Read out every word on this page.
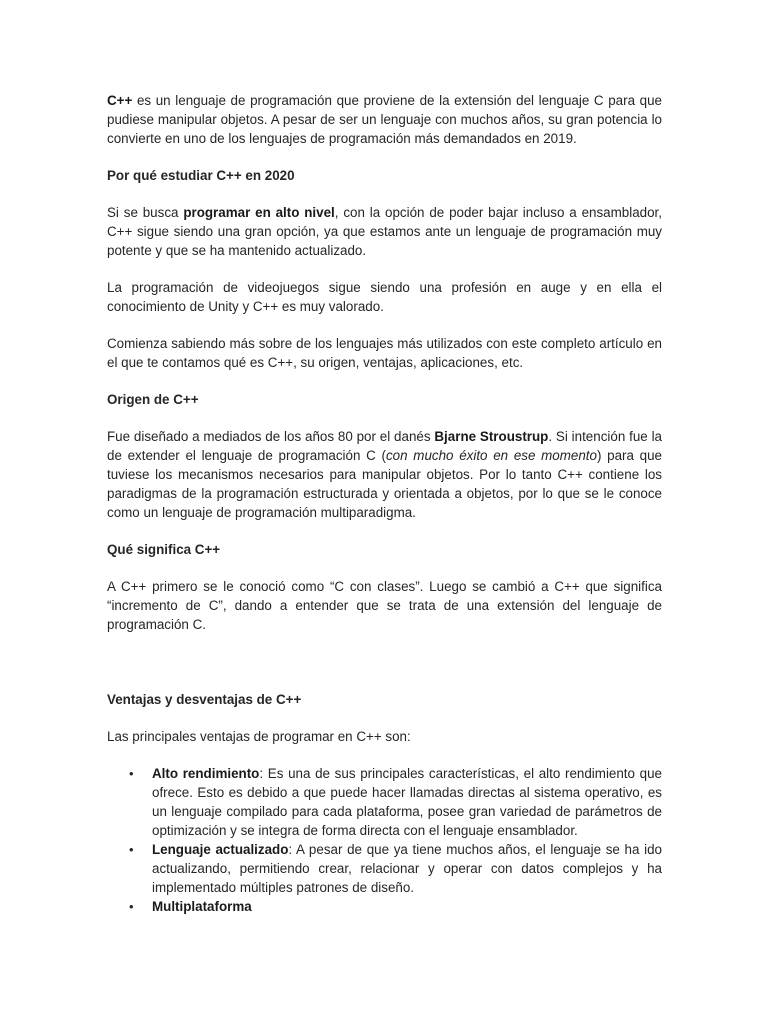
C++ es un lenguaje de programación que proviene de la extensión del lenguaje C para que pudiese manipular objetos. A pesar de ser un lenguaje con muchos años, su gran potencia lo convierte en uno de los lenguajes de programación más demandados en 2019.

Por qué estudiar C++ en 2020

Si se busca programar en alto nivel, con la opción de poder bajar incluso a ensamblador, C++ sigue siendo una gran opción, ya que estamos ante un lenguaje de programación muy potente y que se ha mantenido actualizado.

La programación de videojuegos sigue siendo una profesión en auge y en ella el conocimiento de Unity y C++ es muy valorado.

Comienza sabiendo más sobre de los lenguajes más utilizados con este completo artículo en el que te contamos qué es C++, su origen, ventajas, aplicaciones, etc.

Origen de C++

Fue diseñado a mediados de los años 80 por el danés Bjarne Stroustrup. Si intención fue la de extender el lenguaje de programación C (con mucho éxito en ese momento) para que tuviese los mecanismos necesarios para manipular objetos. Por lo tanto C++ contiene los paradigmas de la programación estructurada y orientada a objetos, por lo que se le conoce como un lenguaje de programación multiparadigma.

Qué significa C++

A C++ primero se le conoció como “C con clases”. Luego se cambió a C++ que significa “incremento de C”, dando a entender que se trata de una extensión del lenguaje de programación C.

Ventajas y desventajas de C++

Las principales ventajas de programar en C++ son:

• Alto rendimiento: Es una de sus principales características, el alto rendimiento que ofrece. Esto es debido a que puede hacer llamadas directas al sistema operativo, es un lenguaje compilado para cada plataforma, posee gran variedad de parámetros de optimización y se integra de forma directa con el lenguaje ensamblador.
• Lenguaje actualizado: A pesar de que ya tiene muchos años, el lenguaje se ha ido actualizando, permitiendo crear, relacionar y operar con datos complejos y ha implementado múltiples patrones de diseño.
• Multiplataforma
